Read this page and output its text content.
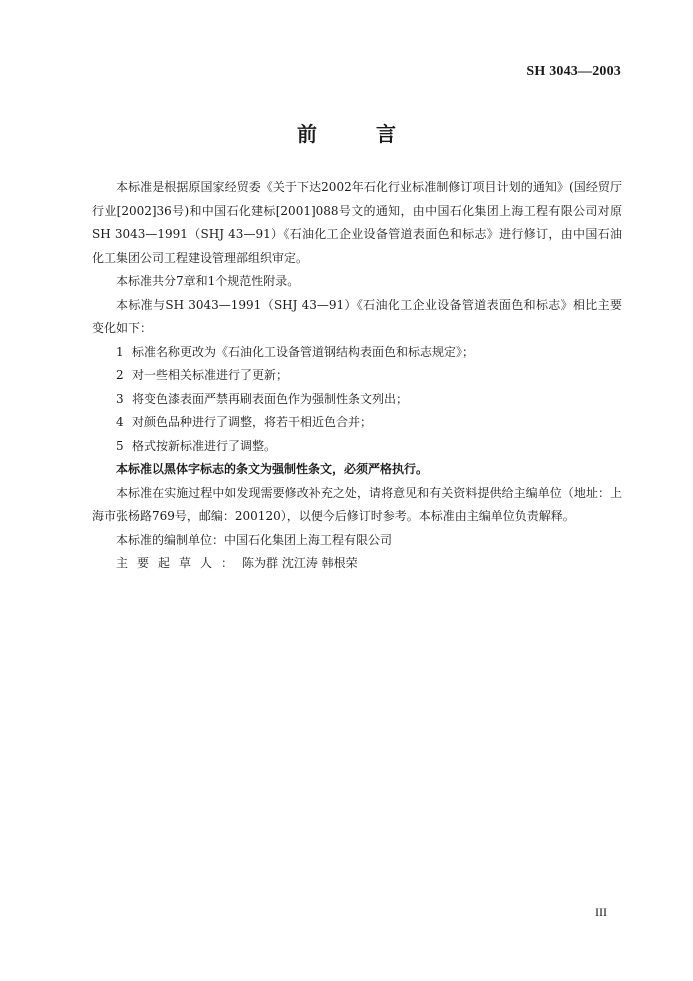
SH 3043—2003
前 言

本标准是根据原国家经贸委《关于下达2002年石化行业标准制修订项目计划的通知》(国经贸厅行业[2002]36号)和中国石化建标[2001]088号文的通知，由中国石化集团上海工程有限公司对原SH 3043—1991（SHJ 43—91）《石油化工企业设备管道表面色和标志》进行修订，由中国石油化工集团公司工程建设管理部组织审定。

本标准共分7章和1个规范性附录。

本标准与SH 3043—1991（SHJ 43—91）《石油化工企业设备管道表面色和标志》相比主要变化如下：

1 标准名称更改为《石油化工设备管道钢结构表面色和标志规定》；

2 对一些相关标准进行了更新；

3 将变色漆表面严禁再刷表面色作为强制性条文列出；

4 对颜色品种进行了调整，将若干相近色合并；

5 格式按新标准进行了调整。

本标准以黑体字标志的条文为强制性条文，必须严格执行。

本标准在实施过程中如发现需要修改补充之处，请将意见和有关资料提供给主编单位（地址：上海市张杨路769号，邮编：200120），以便今后修订时参考。本标准由主编单位负责解释。

本标准的编制单位：中国石化集团上海工程有限公司

主要起草人：陈为群 沈江涛 韩根荣

III
